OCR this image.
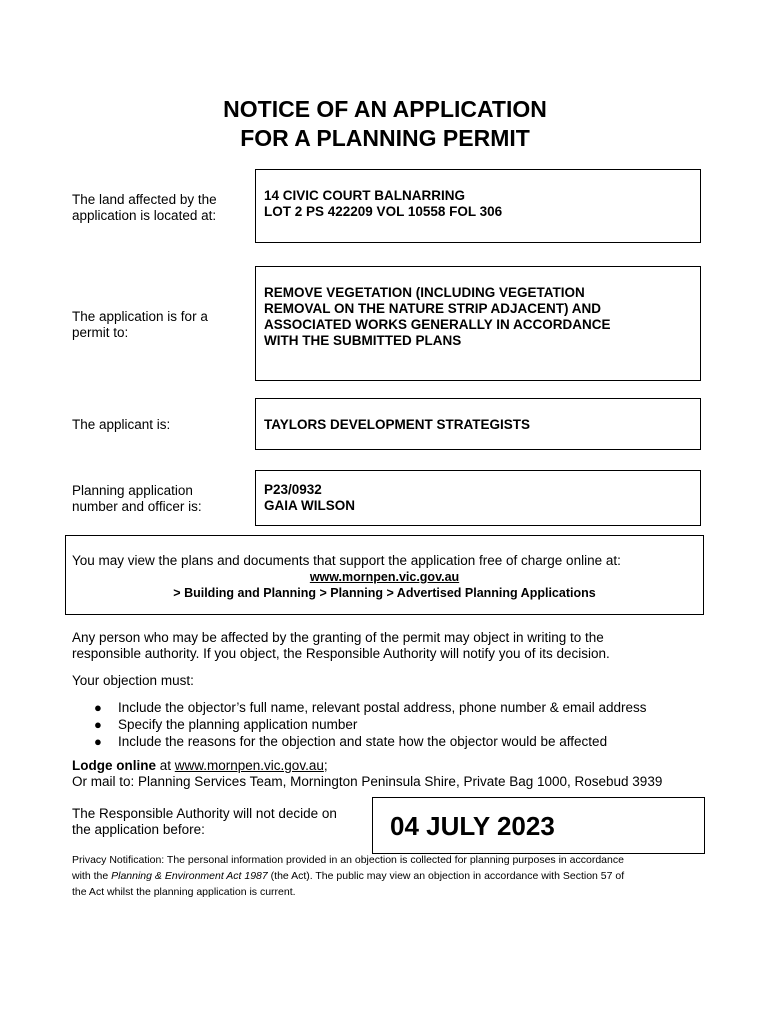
NOTICE OF AN APPLICATION
FOR A PLANNING PERMIT
The land affected by the
application is located at:
14 CIVIC COURT BALNARRING
LOT 2 PS 422209 VOL 10558 FOL 306
The application is for a
permit to:
REMOVE VEGETATION (INCLUDING VEGETATION
REMOVAL ON THE NATURE STRIP ADJACENT) AND
ASSOCIATED WORKS GENERALLY IN ACCORDANCE
WITH THE SUBMITTED PLANS
The applicant is:	TAYLORS DEVELOPMENT STRATEGISTS
Planning application
number and officer is:
P23/0932
GAIA WILSON
You may view the plans and documents that support the application free of charge online at:
www.mornpen.vic.gov.au
> Building and Planning > Planning > Advertised Planning Applications
Any person who may be affected by the granting of the permit may object in writing to the
responsible authority. If you object, the Responsible Authority will notify you of its decision.
Your objection must:
● Include the objector’s full name, relevant postal address, phone number & email address
● Specify the planning application number
● Include the reasons for the objection and state how the objector would be affected
Lodge online at www.mornpen.vic.gov.au;
Or mail to: Planning Services Team, Mornington Peninsula Shire, Private Bag 1000, Rosebud 3939
The Responsible Authority will not decide on
the application before:	04 JULY 2023
Privacy Notification: The personal information provided in an objection is collected for planning purposes in accordance
with the Planning & Environment Act 1987 (the Act). The public may view an objection in accordance with Section 57 of
the Act whilst the planning application is current.
